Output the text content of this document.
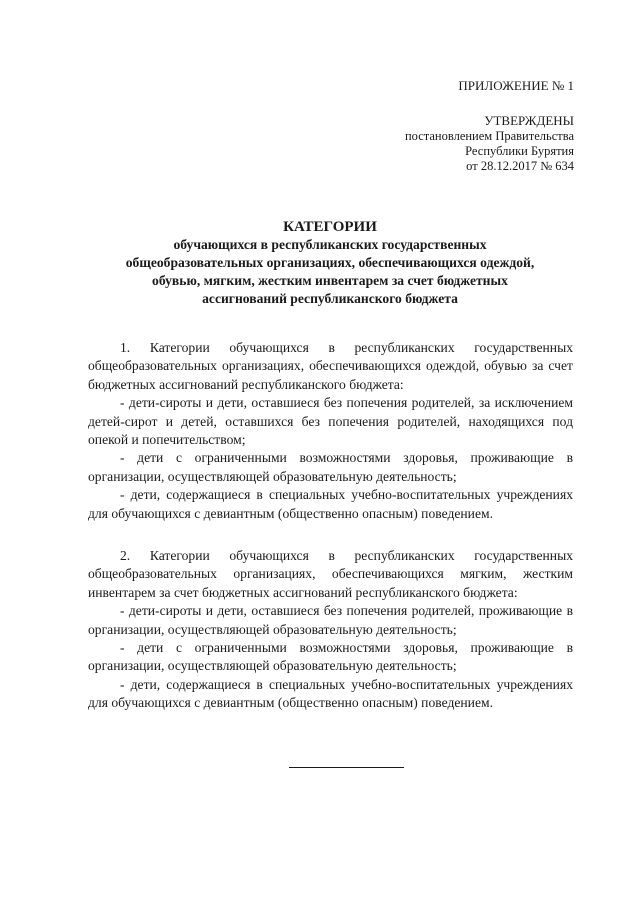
ПРИЛОЖЕНИЕ № 1
УТВЕРЖДЕНЫ
постановлением Правительства
Республики Бурятия
от 28.12.2017 № 634
КАТЕГОРИИ
обучающихся в республиканских государственных
общеобразовательных организациях, обеспечивающихся одеждой,
обувью, мягким, жестким инвентарем за счет бюджетных
ассигнований республиканского бюджета

1. Категории обучающихся в республиканских государственных общеобразовательных организациях, обеспечивающихся одеждой, обувью за счет бюджетных ассигнований республиканского бюджета:

- дети-сироты и дети, оставшиеся без попечения родителей, за исключением детей-сирот и детей, оставшихся без попечения родителей, находящихся под опекой и попечительством;

- дети с ограниченными возможностями здоровья, проживающие в организации, осуществляющей образовательную деятельность;

- дети, содержащиеся в специальных учебно-воспитательных учреждениях для обучающихся с девиантным (общественно опасным) поведением.

2. Категории обучающихся в республиканских государственных общеобразовательных организациях, обеспечивающихся мягким, жестким инвентарем за счет бюджетных ассигнований республиканского бюджета:

- дети-сироты и дети, оставшиеся без попечения родителей, проживающие в организации, осуществляющей образовательную деятельность;

- дети с ограниченными возможностями здоровья, проживающие в организации, осуществляющей образовательную деятельность;

- дети, содержащиеся в специальных учебно-воспитательных учреждениях для обучающихся с девиантным (общественно опасным) поведением.
